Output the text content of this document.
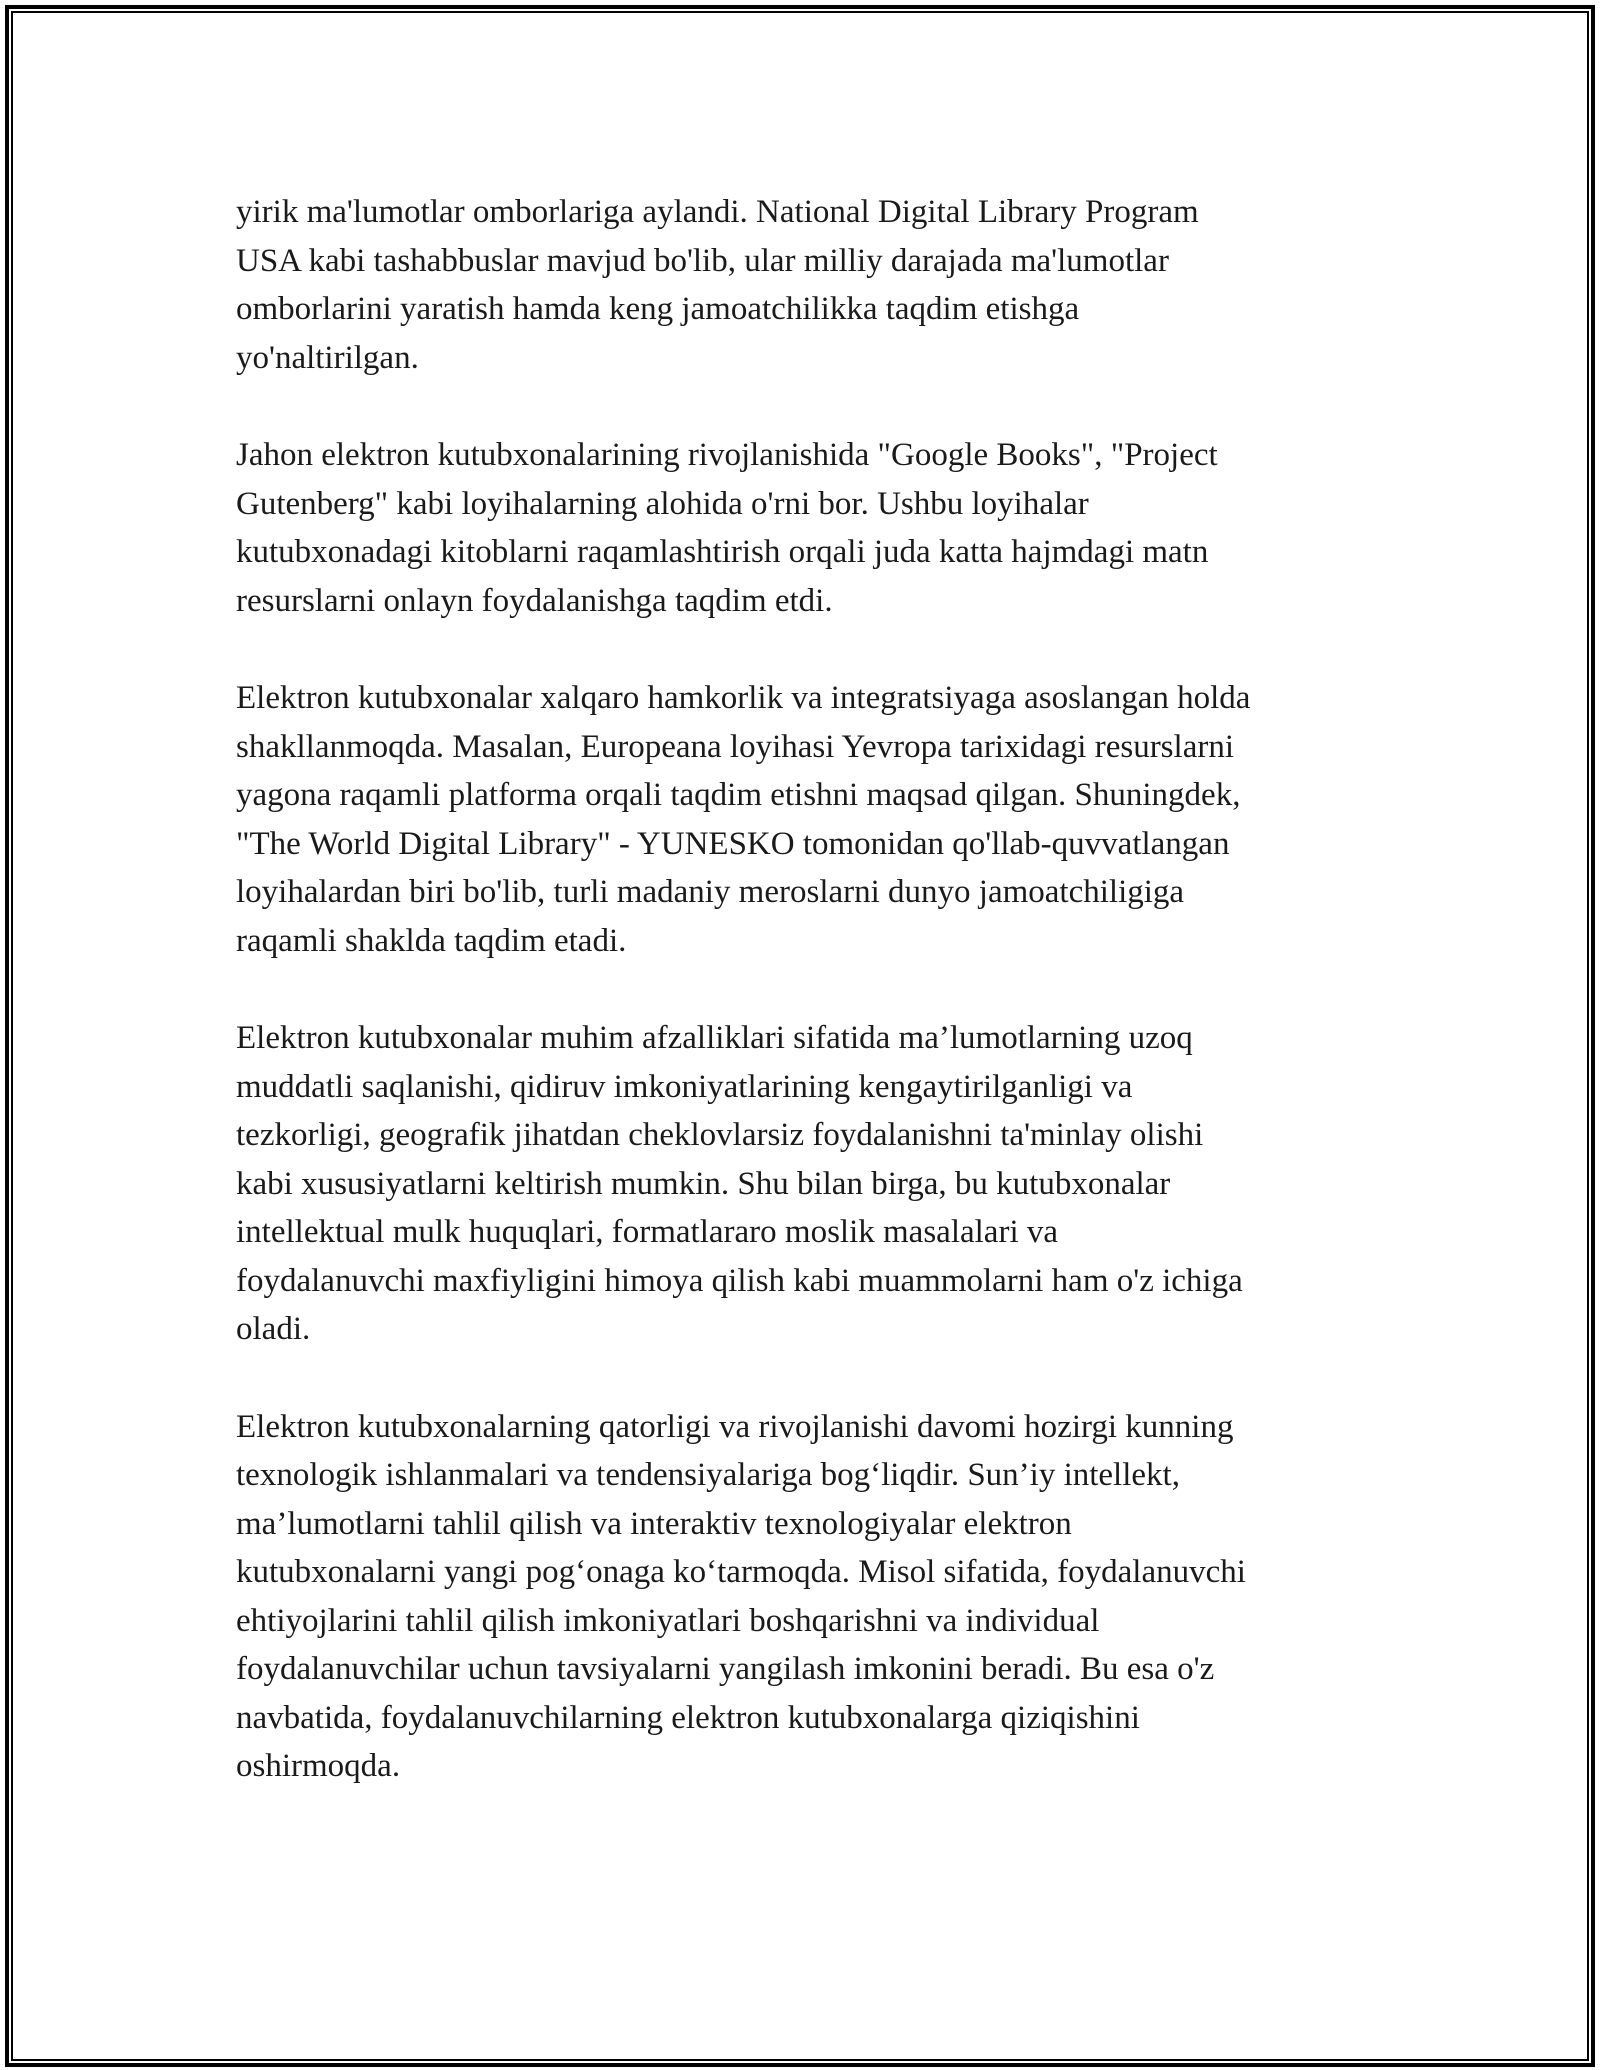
yirik ma'lumotlar omborlariga aylandi. National Digital Library Program
USA kabi tashabbuslar mavjud bo'lib, ular milliy darajada ma'lumotlar
omborlarini yaratish hamda keng jamoatchilikka taqdim etishga
yo'naltirilgan.

Jahon elektron kutubxonalarining rivojlanishida "Google Books", "Project
Gutenberg" kabi loyihalarning alohida o'rni bor. Ushbu loyihalar
kutubxonadagi kitoblarni raqamlashtirish orqali juda katta hajmdagi matn
resurslarni onlayn foydalanishga taqdim etdi.

Elektron kutubxonalar xalqaro hamkorlik va integratsiyaga asoslangan holda
shakllanmoqda. Masalan, Europeana loyihasi Yevropa tarixidagi resurslarni
yagona raqamli platforma orqali taqdim etishni maqsad qilgan. Shuningdek,
"The World Digital Library" - YUNESKO tomonidan qo'llab-quvvatlangan
loyihalardan biri bo'lib, turli madaniy meroslarni dunyo jamoatchiligiga
raqamli shaklda taqdim etadi.

Elektron kutubxonalar muhim afzalliklari sifatida ma’lumotlarning uzoq
muddatli saqlanishi, qidiruv imkoniyatlarining kengaytirilganligi va
tezkorligi, geografik jihatdan cheklovlarsiz foydalanishni ta'minlay olishi
kabi xususiyatlarni keltirish mumkin. Shu bilan birga, bu kutubxonalar
intellektual mulk huquqlari, formatlararo moslik masalalari va
foydalanuvchi maxfiyligini himoya qilish kabi muammolarni ham o'z ichiga
oladi.

Elektron kutubxonalarning qatorligi va rivojlanishi davomi hozirgi kunning
texnologik ishlanmalari va tendensiyalariga bog‘liqdir. Sun’iy intellekt,
ma’lumotlarni tahlil qilish va interaktiv texnologiyalar elektron
kutubxonalarni yangi pog‘onaga ko‘tarmoqda. Misol sifatida, foydalanuvchi
ehtiyojlarini tahlil qilish imkoniyatlari boshqarishni va individual
foydalanuvchilar uchun tavsiyalarni yangilash imkonini beradi. Bu esa o'z
navbatida, foydalanuvchilarning elektron kutubxonalarga qiziqishini
oshirmoqda.
